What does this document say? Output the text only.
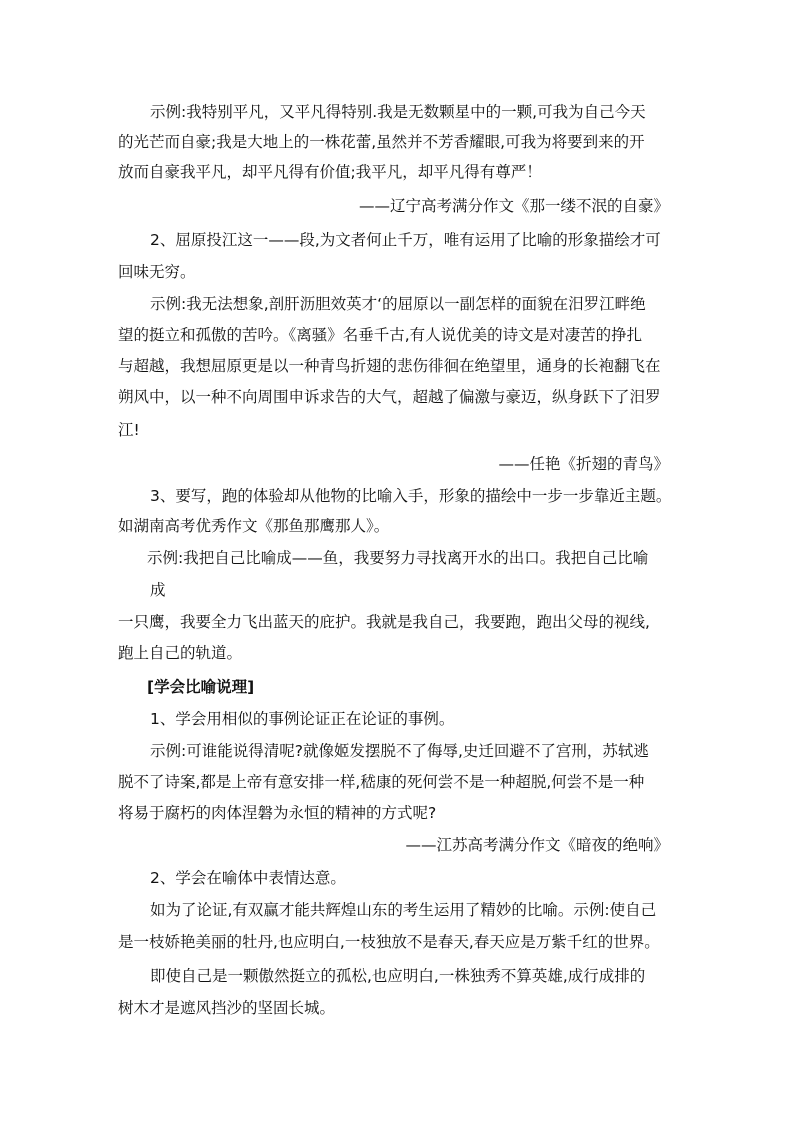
示例:我特别平凡，又平凡得特别.我是无数颗星中的一颗,可我为自己今天
的光芒而自豪;我是大地上的一株花蕾,虽然并不芳香耀眼,可我为将要到来的开
放而自豪我平凡，却平凡得有价值;我平凡，却平凡得有尊严！
——辽宁高考满分作文《那一缕不泯的自豪》
2、屈原投江这一——段,为文者何止千万，唯有运用了比喻的形象描绘才可
回味无穷。
示例:我无法想象,剖肝沥胆效英才‘的屈原以一副怎样的面貌在汨罗江畔绝
望的挺立和孤傲的苦吟。《离骚》名垂千古,有人说优美的诗文是对凄苦的挣扎
与超越，我想屈原更是以一种青鸟折翅的悲伤徘徊在绝望里，通身的长袍翻飞在
朔风中，以一种不向周围申诉求告的大气，超越了偏激与豪迈，纵身跃下了汨罗
江!
——任艳《折翅的青鸟》
3、要写，跑的体验却从他物的比喻入手，形象的描绘中一步一步靠近主题。
如湖南高考优秀作文《那鱼那鹰那人》。
示例:我把自己比喻成——鱼，我要努力寻找离开水的出口。我把自己比喻
成
一只鹰，我要全力飞出蓝天的庇护。我就是我自己，我要跑，跑出父母的视线,
跑上自己的轨道。
[学会比喻说理]
1、学会用相似的事例论证正在论证的事例。
示例:可谁能说得清呢?就像姬发摆脱不了侮辱,史迁回避不了宫刑，苏轼逃
脱不了诗案,都是上帝有意安排一样,嵇康的死何尝不是一种超脱,何尝不是一种
将易于腐朽的肉体涅磐为永恒的精神的方式呢?
——江苏高考满分作文《暗夜的绝响》
2、学会在喻体中表情达意。
如为了论证,有双赢才能共辉煌山东的考生运用了精妙的比喻。示例:使自己
是一枝娇艳美丽的牡丹,也应明白,一枝独放不是春天,春天应是万紫千红的世界。
即使自己是一颗傲然挺立的孤松,也应明白,一株独秀不算英雄,成行成排的
树木才是遮风挡沙的坚固长城。
